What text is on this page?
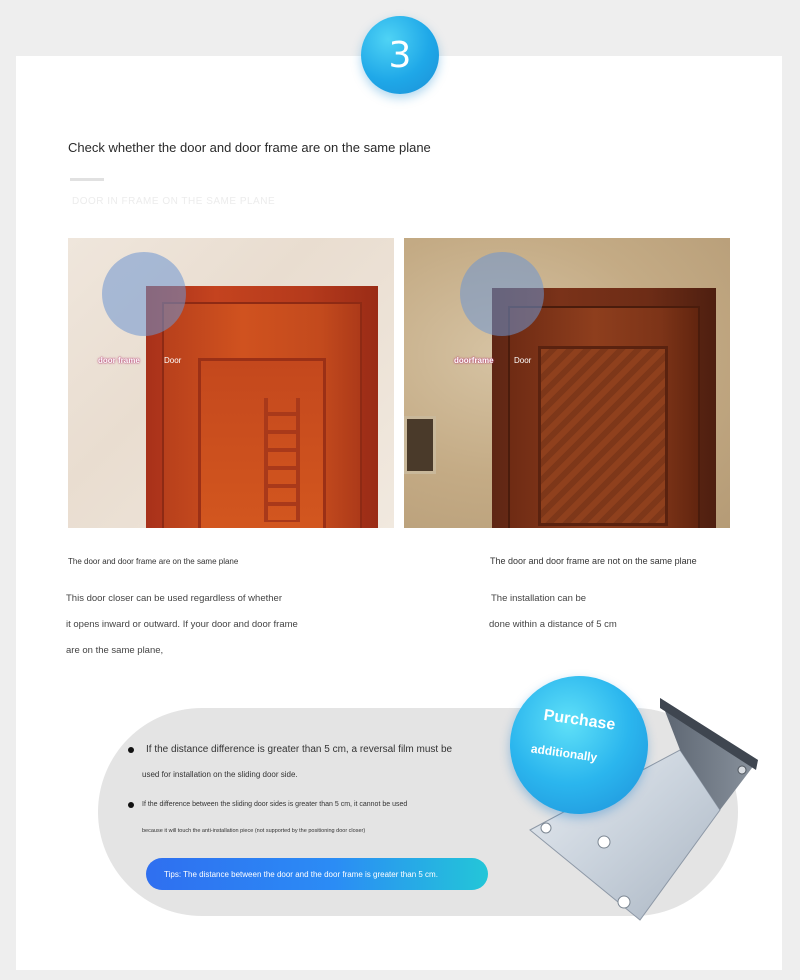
3
Check whether the door and door frame are on the same plane
DOOR IN FRAME ON THE SAME PLANE
door frame	Door	doorframe	Door
The door and door frame are on the same plane	The door and door frame are not on the same plane
This door closer can be used regardless of whether
it opens inward or outward. If your door and door frame
are on the same plane,
The installation can be
done within a distance of 5 cm
If the distance difference is greater than 5 cm, a reversal film must be
used for installation on the sliding door side.
If the difference between the sliding door sides is greater than 5 cm, it cannot be used
because it will touch the anti-installation piece (not supported by the positioning door closer)
Tips: The distance between the door and the door frame is greater than 5 cm.
Purchase
additionally
